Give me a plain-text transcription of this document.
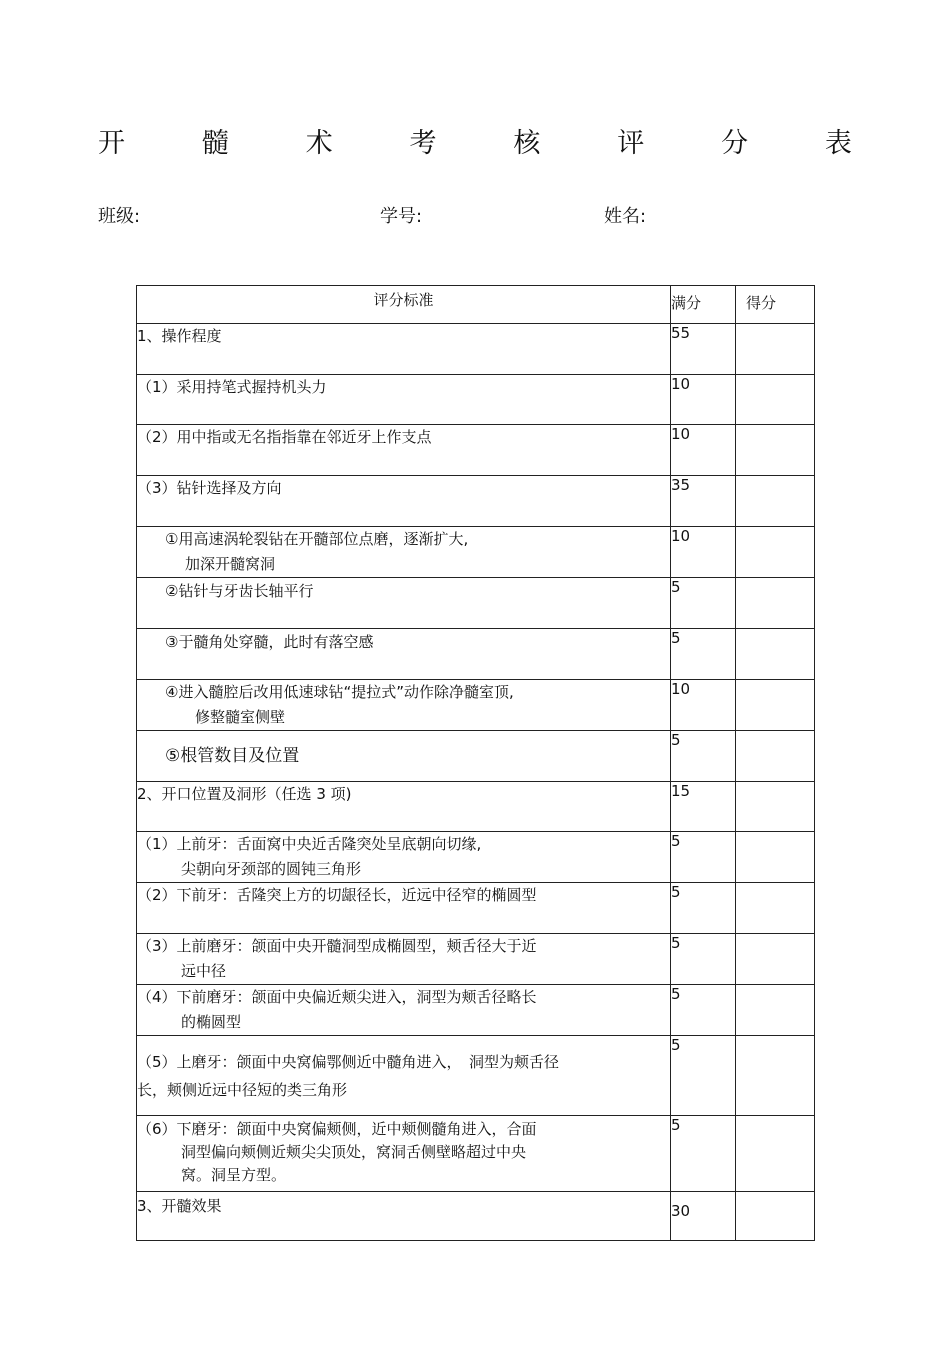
开	髓	术	考	核	评	分	表
班级:	学号:	姓名:
评分标准	满分	得分
1、操作程度	55	
（1）采用持笔式握持机头力	10	
（2）用中指或无名指指靠在邻近牙上作支点	10	
（3）钻针选择及方向	35	
①用高速涡轮裂钻在开髓部位点磨，逐渐扩大,
加深开髓窝洞	10	
②钻针与牙齿长轴平行	5	
③于髓角处穿髓，此时有落空感	5	
④进入髓腔后改用低速球钻“提拉式”动作除净髓室顶,
修整髓室侧壁	10	
⑤根管数目及位置	5	
2、开口位置及洞形（任选 3 项)	15	
（1）上前牙：舌面窝中央近舌隆突处呈底朝向切缘,
尖朝向牙颈部的圆钝三角形	5	
（2）下前牙：舌隆突上方的切龈径长，近远中径窄的椭圆型	5	
（3）上前磨牙：颌面中央开髓洞型成椭圆型，颊舌径大于近
远中径	5	
（4）下前磨牙：颌面中央偏近颊尖进入，洞型为颊舌径略长
的椭圆型	5	
（5）上磨牙：颌面中央窝偏鄂侧近中髓角进入，　洞型为颊舌径
长，颊侧近远中径短的类三角形	5	
（6）下磨牙：颌面中央窝偏颊侧，近中颊侧髓角进入，合面
洞型偏向颊侧近颊尖尖顶处，窝洞舌侧壁略超过中央
窝。洞呈方型。	5	
3、开髓效果	30	
